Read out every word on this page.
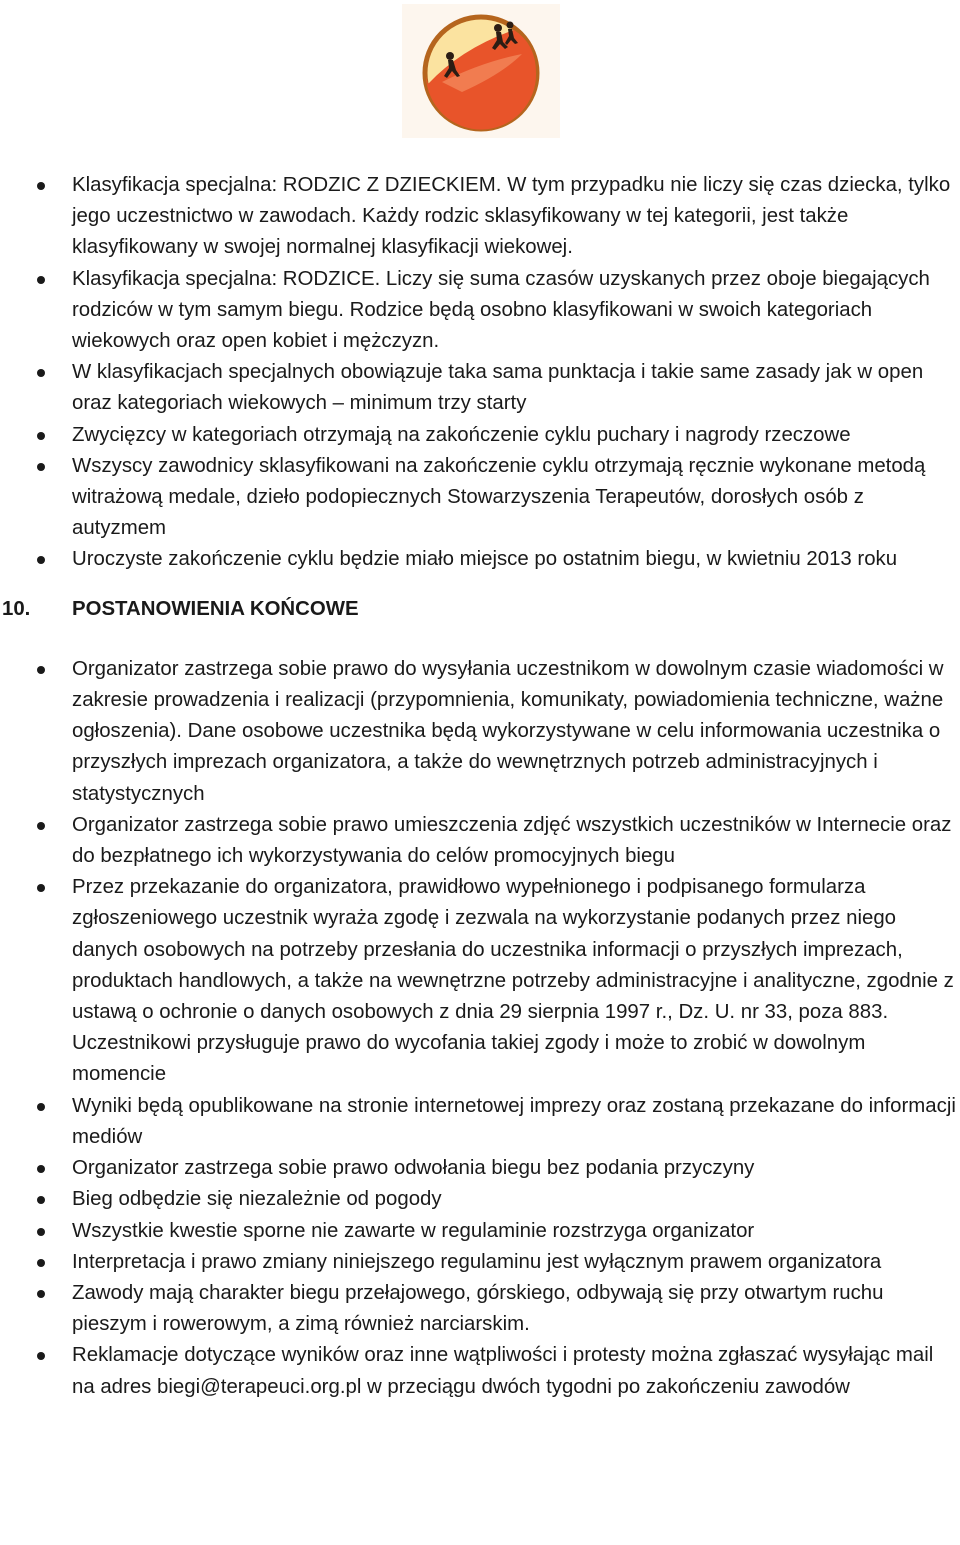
Klasyfikacja specjalna: RODZIC Z DZIECKIEM. W tym przypadku nie liczy się czas dziecka, tylko jego uczestnictwo w zawodach. Każdy rodzic sklasyfikowany w tej kategorii, jest także klasyfikowany w swojej normalnej klasyfikacji wiekowej.
Klasyfikacja specjalna: RODZICE. Liczy się suma czasów uzyskanych przez oboje biegających rodziców w tym samym biegu. Rodzice będą osobno klasyfikowani w swoich kategoriach wiekowych oraz open kobiet i mężczyzn.
W klasyfikacjach specjalnych obowiązuje taka sama punktacja i takie same zasady jak w open oraz kategoriach wiekowych – minimum trzy starty
Zwycięzcy w kategoriach otrzymają na zakończenie cyklu puchary i nagrody rzeczowe
Wszyscy zawodnicy sklasyfikowani na zakończenie cyklu otrzymają ręcznie wykonane metodą witrażową medale, dzieło podopiecznych Stowarzyszenia Terapeutów, dorosłych osób z autyzmem
Uroczyste zakończenie cyklu będzie miało miejsce po ostatnim biegu, w kwietniu 2013 roku
10.	POSTANOWIENIA KOŃCOWE
Organizator zastrzega sobie prawo do wysyłania uczestnikom w dowolnym czasie wiadomości w zakresie prowadzenia i realizacji (przypomnienia, komunikaty, powiadomienia techniczne, ważne ogłoszenia). Dane osobowe uczestnika będą wykorzystywane w celu informowania uczestnika o przyszłych imprezach organizatora, a także do wewnętrznych potrzeb administracyjnych i statystycznych
Organizator zastrzega sobie prawo umieszczenia zdjęć wszystkich uczestników w Internecie oraz do bezpłatnego ich wykorzystywania do celów promocyjnych biegu
Przez przekazanie do organizatora, prawidłowo wypełnionego i podpisanego formularza zgłoszeniowego uczestnik wyraża zgodę i zezwala na wykorzystanie podanych przez niego danych osobowych na potrzeby przesłania do uczestnika informacji o przyszłych imprezach, produktach handlowych, a także na wewnętrzne potrzeby administracyjne i analityczne, zgodnie z ustawą o ochronie o danych osobowych z dnia 29 sierpnia 1997 r., Dz. U. nr 33, poza 883. Uczestnikowi przysługuje prawo do wycofania takiej zgody i może to zrobić w dowolnym momencie
Wyniki będą opublikowane na stronie internetowej imprezy oraz zostaną przekazane do informacji mediów
Organizator zastrzega sobie prawo odwołania biegu bez podania przyczyny
Bieg odbędzie się niezależnie od pogody
Wszystkie kwestie sporne nie zawarte w regulaminie rozstrzyga organizator
Interpretacja i prawo zmiany niniejszego regulaminu jest wyłącznym prawem organizatora
Zawody mają charakter biegu przełajowego, górskiego, odbywają się przy otwartym ruchu pieszym i rowerowym, a zimą również narciarskim.
Reklamacje dotyczące wyników oraz inne wątpliwości i protesty można zgłaszać wysyłając mail na adres biegi@terapeuci.org.pl w przeciągu dwóch tygodni po zakończeniu zawodów
